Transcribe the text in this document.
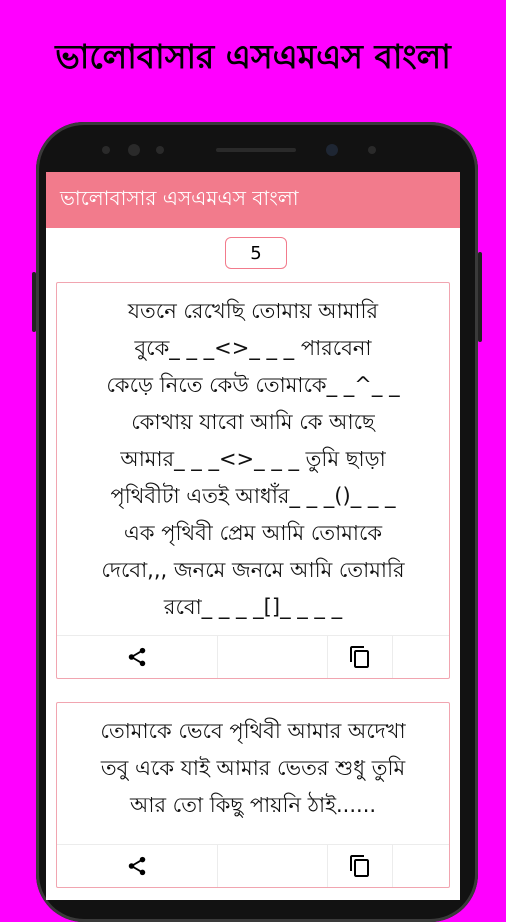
ভালোবাসার এসএমএস বাংলা
ভালোবাসার এসএমএস বাংলা
5
যতনে রেখেছি তোমায় আমারি
বুকে_ _ _<>_ _ _ পারবেনা
কেড়ে নিতে কেউ তোমাকে_ _^_ _
কোথায় যাবো আমি কে আছে
আমার_ _ _<>_ _ _ তুমি ছাড়া
পৃথিবীটা এতই আধাঁর_ _ _()_ _ _
এক পৃথিবী প্রেম আমি তোমাকে
দেবো,,, জনমে জনমে আমি তোমারি
রবো_ _ _ _[]_ _ _ _
তোমাকে ভেবে পৃথিবী আমার অদেখা
তবু একে যাই আমার ভেতর শুধু তুমি
আর তো কিছু পায়নি ঠাই......
